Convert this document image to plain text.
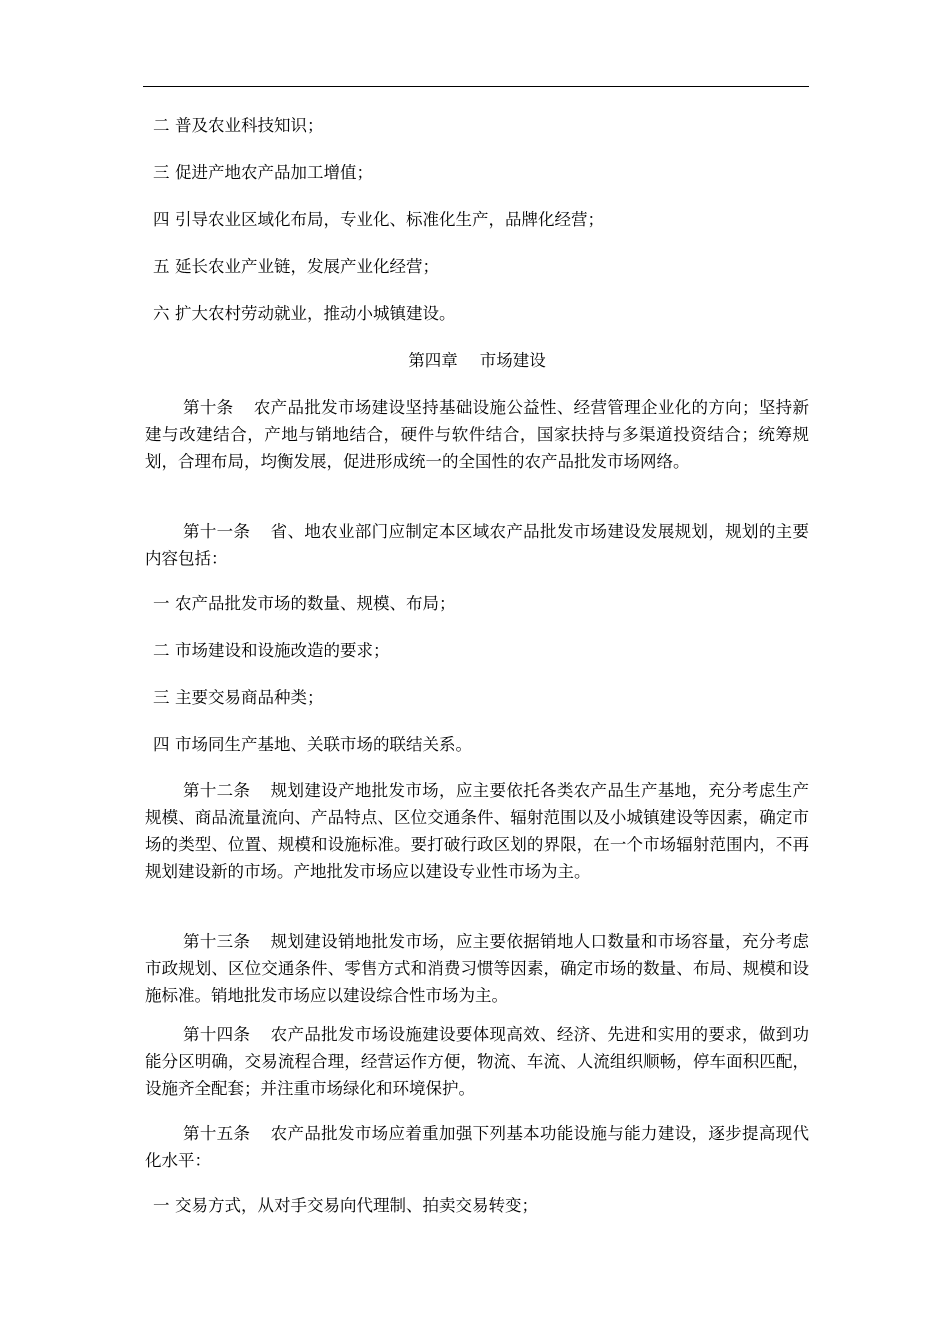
二 普及农业科技知识；
三 促进产地农产品加工增值；
四 引导农业区域化布局，专业化、标准化生产，品牌化经营；
五 延长农业产业链，发展产业化经营；
六 扩大农村劳动就业，推动小城镇建设。
第四章 市场建设
第十条 农产品批发市场建设坚持基础设施公益性、经营管理企业化的方向；坚持新建与改建结合，产地与销地结合，硬件与软件结合，国家扶持与多渠道投资结合；统筹规划，合理布局，均衡发展，促进形成统一的全国性的农产品批发市场网络。
第十一条 省、地农业部门应制定本区域农产品批发市场建设发展规划，规划的主要内容包括：
一 农产品批发市场的数量、规模、布局；
二 市场建设和设施改造的要求；
三 主要交易商品种类；
四 市场同生产基地、关联市场的联结关系。
第十二条 规划建设产地批发市场，应主要依托各类农产品生产基地，充分考虑生产规模、商品流量流向、产品特点、区位交通条件、辐射范围以及小城镇建设等因素，确定市场的类型、位置、规模和设施标准。要打破行政区划的界限，在一个市场辐射范围内，不再规划建设新的市场。产地批发市场应以建设专业性市场为主。
第十三条 规划建设销地批发市场，应主要依据销地人口数量和市场容量，充分考虑市政规划、区位交通条件、零售方式和消费习惯等因素，确定市场的数量、布局、规模和设施标准。销地批发市场应以建设综合性市场为主。
第十四条 农产品批发市场设施建设要体现高效、经济、先进和实用的要求，做到功能分区明确，交易流程合理，经营运作方便，物流、车流、人流组织顺畅，停车面积匹配，设施齐全配套；并注重市场绿化和环境保护。
第十五条 农产品批发市场应着重加强下列基本功能设施与能力建设，逐步提高现代化水平：
一 交易方式，从对手交易向代理制、拍卖交易转变；
